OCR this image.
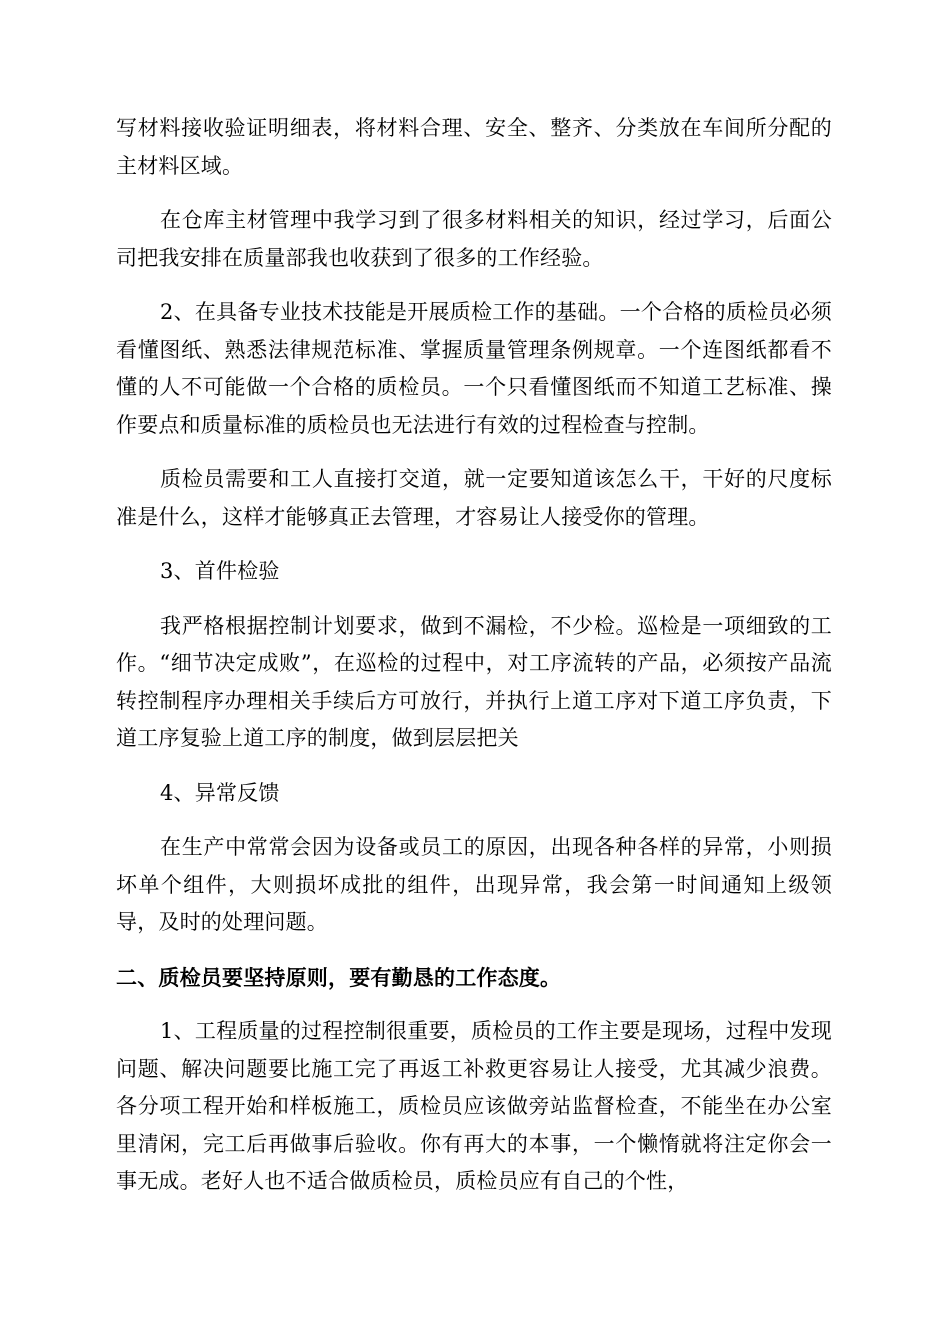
写材料接收验证明细表，将材料合理、安全、整齐、分类放在车间所分配的主材料区域。

在仓库主材管理中我学习到了很多材料相关的知识，经过学习，后面公司把我安排在质量部我也收获到了很多的工作经验。

2、在具备专业技术技能是开展质检工作的基础。一个合格的质检员必须看懂图纸、熟悉法律规范标准、掌握质量管理条例规章。一个连图纸都看不懂的人不可能做一个合格的质检员。一个只看懂图纸而不知道工艺标准、操作要点和质量标准的质检员也无法进行有效的过程检查与控制。

质检员需要和工人直接打交道，就一定要知道该怎么干，干好的尺度标准是什么，这样才能够真正去管理，才容易让人接受你的管理。

3、首件检验

我严格根据控制计划要求，做到不漏检，不少检。巡检是一项细致的工作。“细节决定成败”，在巡检的过程中，对工序流转的产品，必须按产品流转控制程序办理相关手续后方可放行，并执行上道工序对下道工序负责，下道工序复验上道工序的制度，做到层层把关

4、异常反馈

在生产中常常会因为设备或员工的原因，出现各种各样的异常，小则损坏单个组件，大则损坏成批的组件，出现异常，我会第一时间通知上级领导，及时的处理问题。

二、质检员要坚持原则，要有勤恳的工作态度。

1、工程质量的过程控制很重要，质检员的工作主要是现场，过程中发现问题、解决问题要比施工完了再返工补救更容易让人接受，尤其减少浪费。各分项工程开始和样板施工，质检员应该做旁站监督检查，不能坐在办公室里清闲，完工后再做事后验收。你有再大的本事，一个懒惰就将注定你会一事无成。老好人也不适合做质检员，质检员应有自己的个性，
